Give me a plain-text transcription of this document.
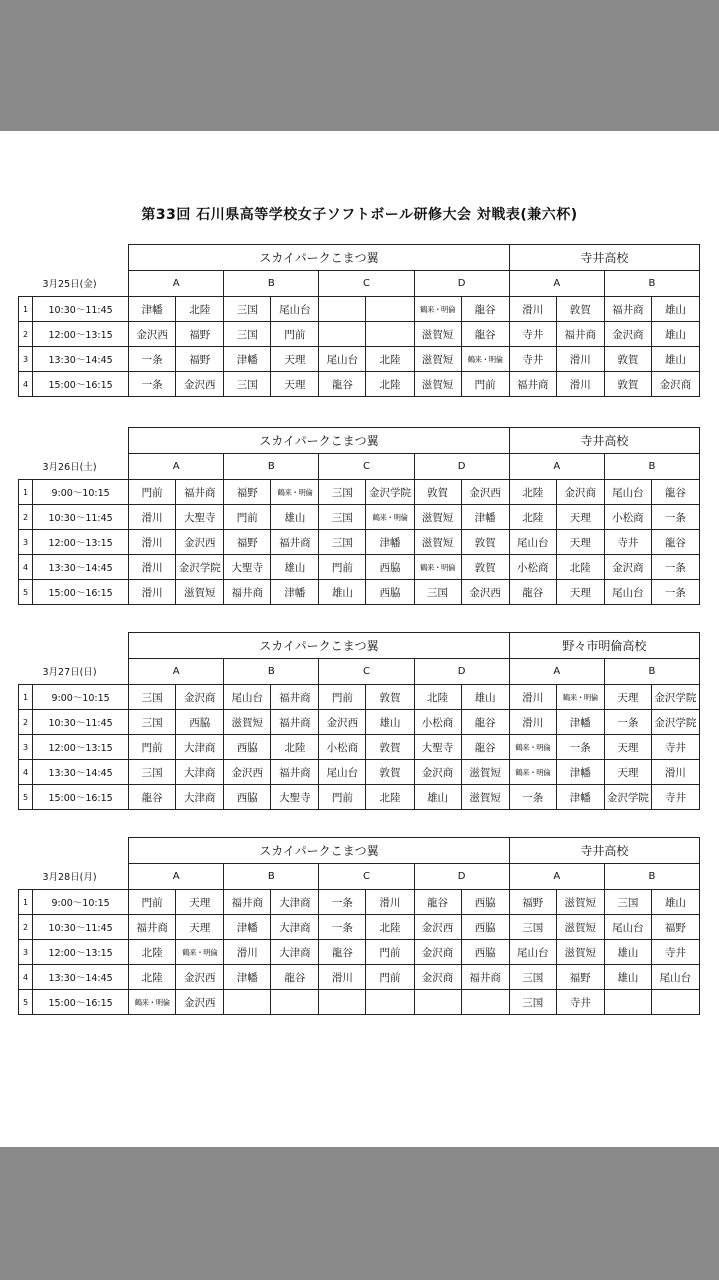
第33回 石川県高等学校女子ソフトボール研修大会 対戦表(兼六杯)
		スカイパークこまつ翼								寺井高校			
3月25日(金)		A		B		C		D		A		B	
1	10:30〜11:45	津幡	北陸	三国	尾山台			鶴来・明倫	龍谷	滑川	敦賀	福井商	雄山
2	12:00〜13:15	金沢西	福野	三国	門前			滋賀短	龍谷	寺井	福井商	金沢商	雄山
3	13:30〜14:45	一条	福野	津幡	天理	尾山台	北陸	滋賀短	鶴来・明倫	寺井	滑川	敦賀	雄山
4	15:00〜16:15	一条	金沢西	三国	天理	龍谷	北陸	滋賀短	門前	福井商	滑川	敦賀	金沢商
		スカイパークこまつ翼								寺井高校			
3月26日(土)		A		B		C		D		A		B	
1	9:00〜10:15	門前	福井商	福野	鶴来・明倫	三国	金沢学院	敦賀	金沢西	北陸	金沢商	尾山台	龍谷
2	10:30〜11:45	滑川	大聖寺	門前	雄山	三国	鶴来・明倫	滋賀短	津幡	北陸	天理	小松商	一条
3	12:00〜13:15	滑川	金沢西	福野	福井商	三国	津幡	滋賀短	敦賀	尾山台	天理	寺井	龍谷
4	13:30〜14:45	滑川	金沢学院	大聖寺	雄山	門前	西脇	鶴来・明倫	敦賀	小松商	北陸	金沢商	一条
5	15:00〜16:15	滑川	滋賀短	福井商	津幡	雄山	西脇	三国	金沢西	龍谷	天理	尾山台	一条
		スカイパークこまつ翼								野々市明倫高校			
3月27日(日)		A		B		C		D		A		B	
1	9:00〜10:15	三国	金沢商	尾山台	福井商	門前	敦賀	北陸	雄山	滑川	鶴来・明倫	天理	金沢学院
2	10:30〜11:45	三国	西脇	滋賀短	福井商	金沢西	雄山	小松商	龍谷	滑川	津幡	一条	金沢学院
3	12:00〜13:15	門前	大津商	西脇	北陸	小松商	敦賀	大聖寺	龍谷	鶴来・明倫	一条	天理	寺井
4	13:30〜14:45	三国	大津商	金沢西	福井商	尾山台	敦賀	金沢商	滋賀短	鶴来・明倫	津幡	天理	滑川
5	15:00〜16:15	龍谷	大津商	西脇	大聖寺	門前	北陸	雄山	滋賀短	一条	津幡	金沢学院	寺井
		スカイパークこまつ翼								寺井高校			
3月28日(月)		A		B		C		D		A		B	
1	9:00〜10:15	門前	天理	福井商	大津商	一条	滑川	龍谷	西脇	福野	滋賀短	三国	雄山
2	10:30〜11:45	福井商	天理	津幡	大津商	一条	北陸	金沢西	西脇	三国	滋賀短	尾山台	福野
3	12:00〜13:15	北陸	鶴来・明倫	滑川	大津商	龍谷	門前	金沢商	西脇	尾山台	滋賀短	雄山	寺井
4	13:30〜14:45	北陸	金沢西	津幡	龍谷	滑川	門前	金沢商	福井商	三国	福野	雄山	尾山台
5	15:00〜16:15	鶴来・明倫	金沢西							三国	寺井		
